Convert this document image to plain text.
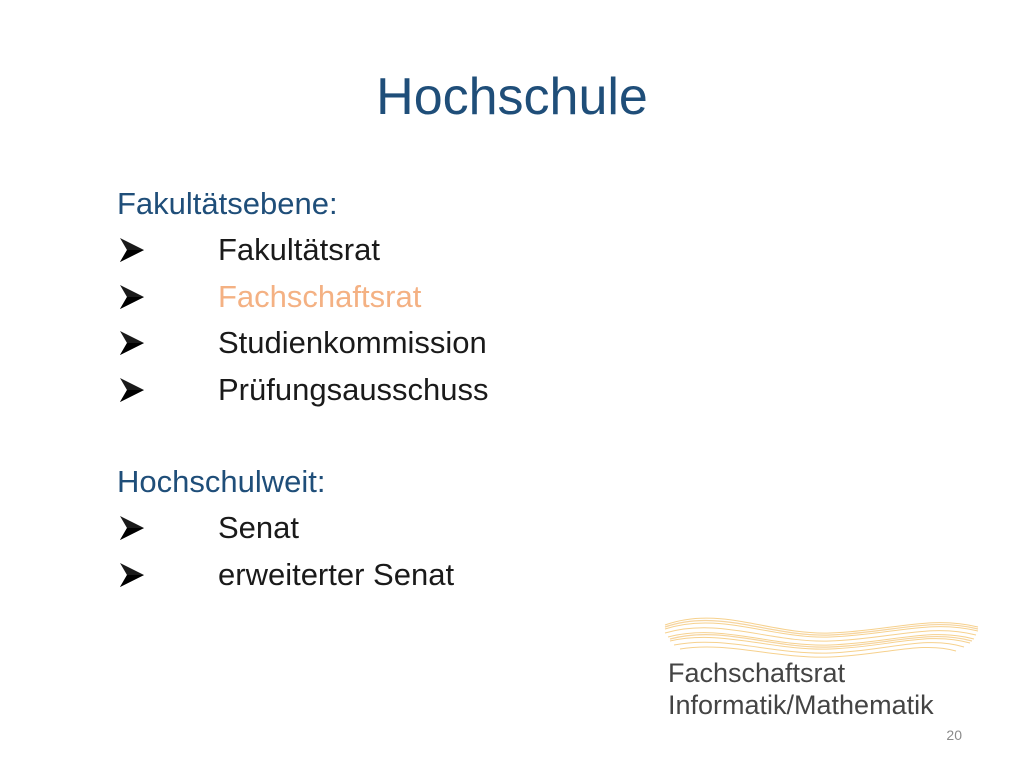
Hochschule
Fakultätsebene:
Fakultätsrat
Fachschaftsrat
Studienkommission
Prüfungsausschuss
Hochschulweit:
Senat
erweiterter Senat
Fachschaftsrat
Informatik/Mathematik
20
